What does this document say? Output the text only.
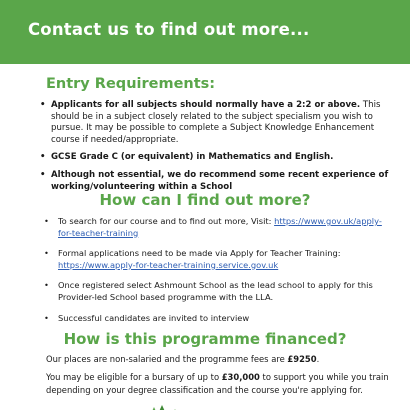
Contact us to find out more...
Entry Requirements:
• Applicants for all subjects should normally have a 2:2 or above. This should be in a subject closely related to the subject specialism you wish to pursue. It may be possible to complete a Subject Knowledge Enhancement course if needed/appropriate.
• GCSE Grade C (or equivalent) in Mathematics and English.
• Although not essential, we do recommend some recent experience of working/volunteering within a School
How can I find out more?
• To search for our course and to find out more, Visit: https://www.gov.uk/apply-for-teacher-training
• Formal applications need to be made via Apply for Teacher Training: https://www.apply-for-teacher-training.service.gov.uk
• Once registered select Ashmount School as the lead school to apply for this Provider-led School based programme with the LLA.
• Successful candidates are invited to interview
How is this programme financed?

Our places are non-salaried and the programme fees are £9250.

You may be eligible for a bursary of up to £30,000 to support you while you train depending on your degree classification and the course you're applying for.
